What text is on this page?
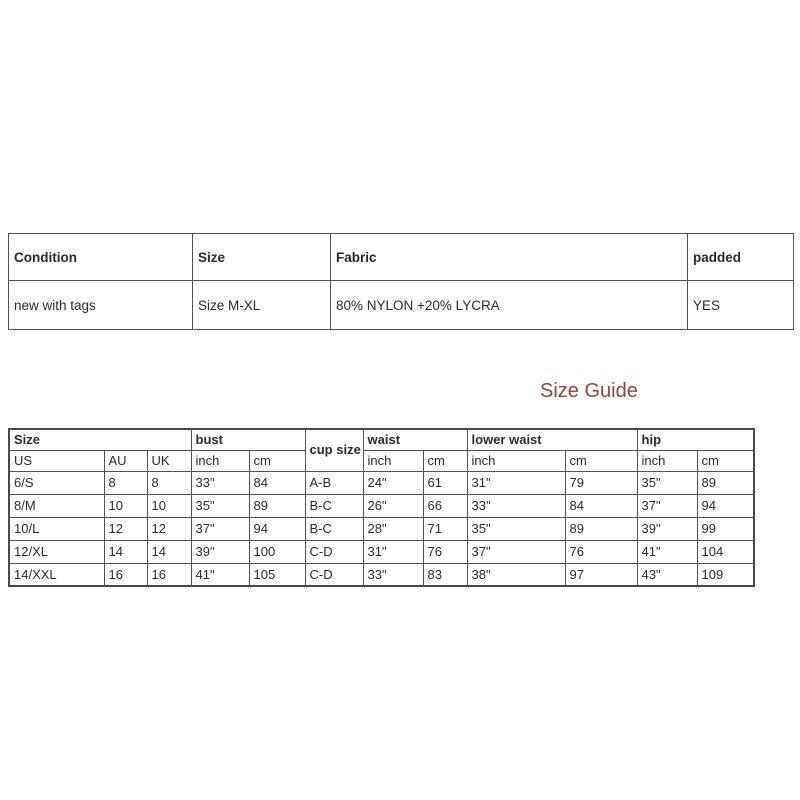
Condition	Size	Fabric	padded
new with tags	Size M-XL	80% NYLON +20% LYCRA	YES
Size Guide
Size			bust		cup size	waist		lower waist		hip	
US	AU	UK	inch	cm		inch	cm	inch	cm	inch	cm
6/S	8	8	33"	84	A-B	24"	61	31"	79	35"	89
8/M	10	10	35"	89	B-C	26"	66	33"	84	37"	94
10/L	12	12	37"	94	B-C	28"	71	35"	89	39"	99
12/XL	14	14	39"	100	C-D	31"	76	37"	76	41"	104
14/XXL	16	16	41"	105	C-D	33"	83	38"	97	43"	109
